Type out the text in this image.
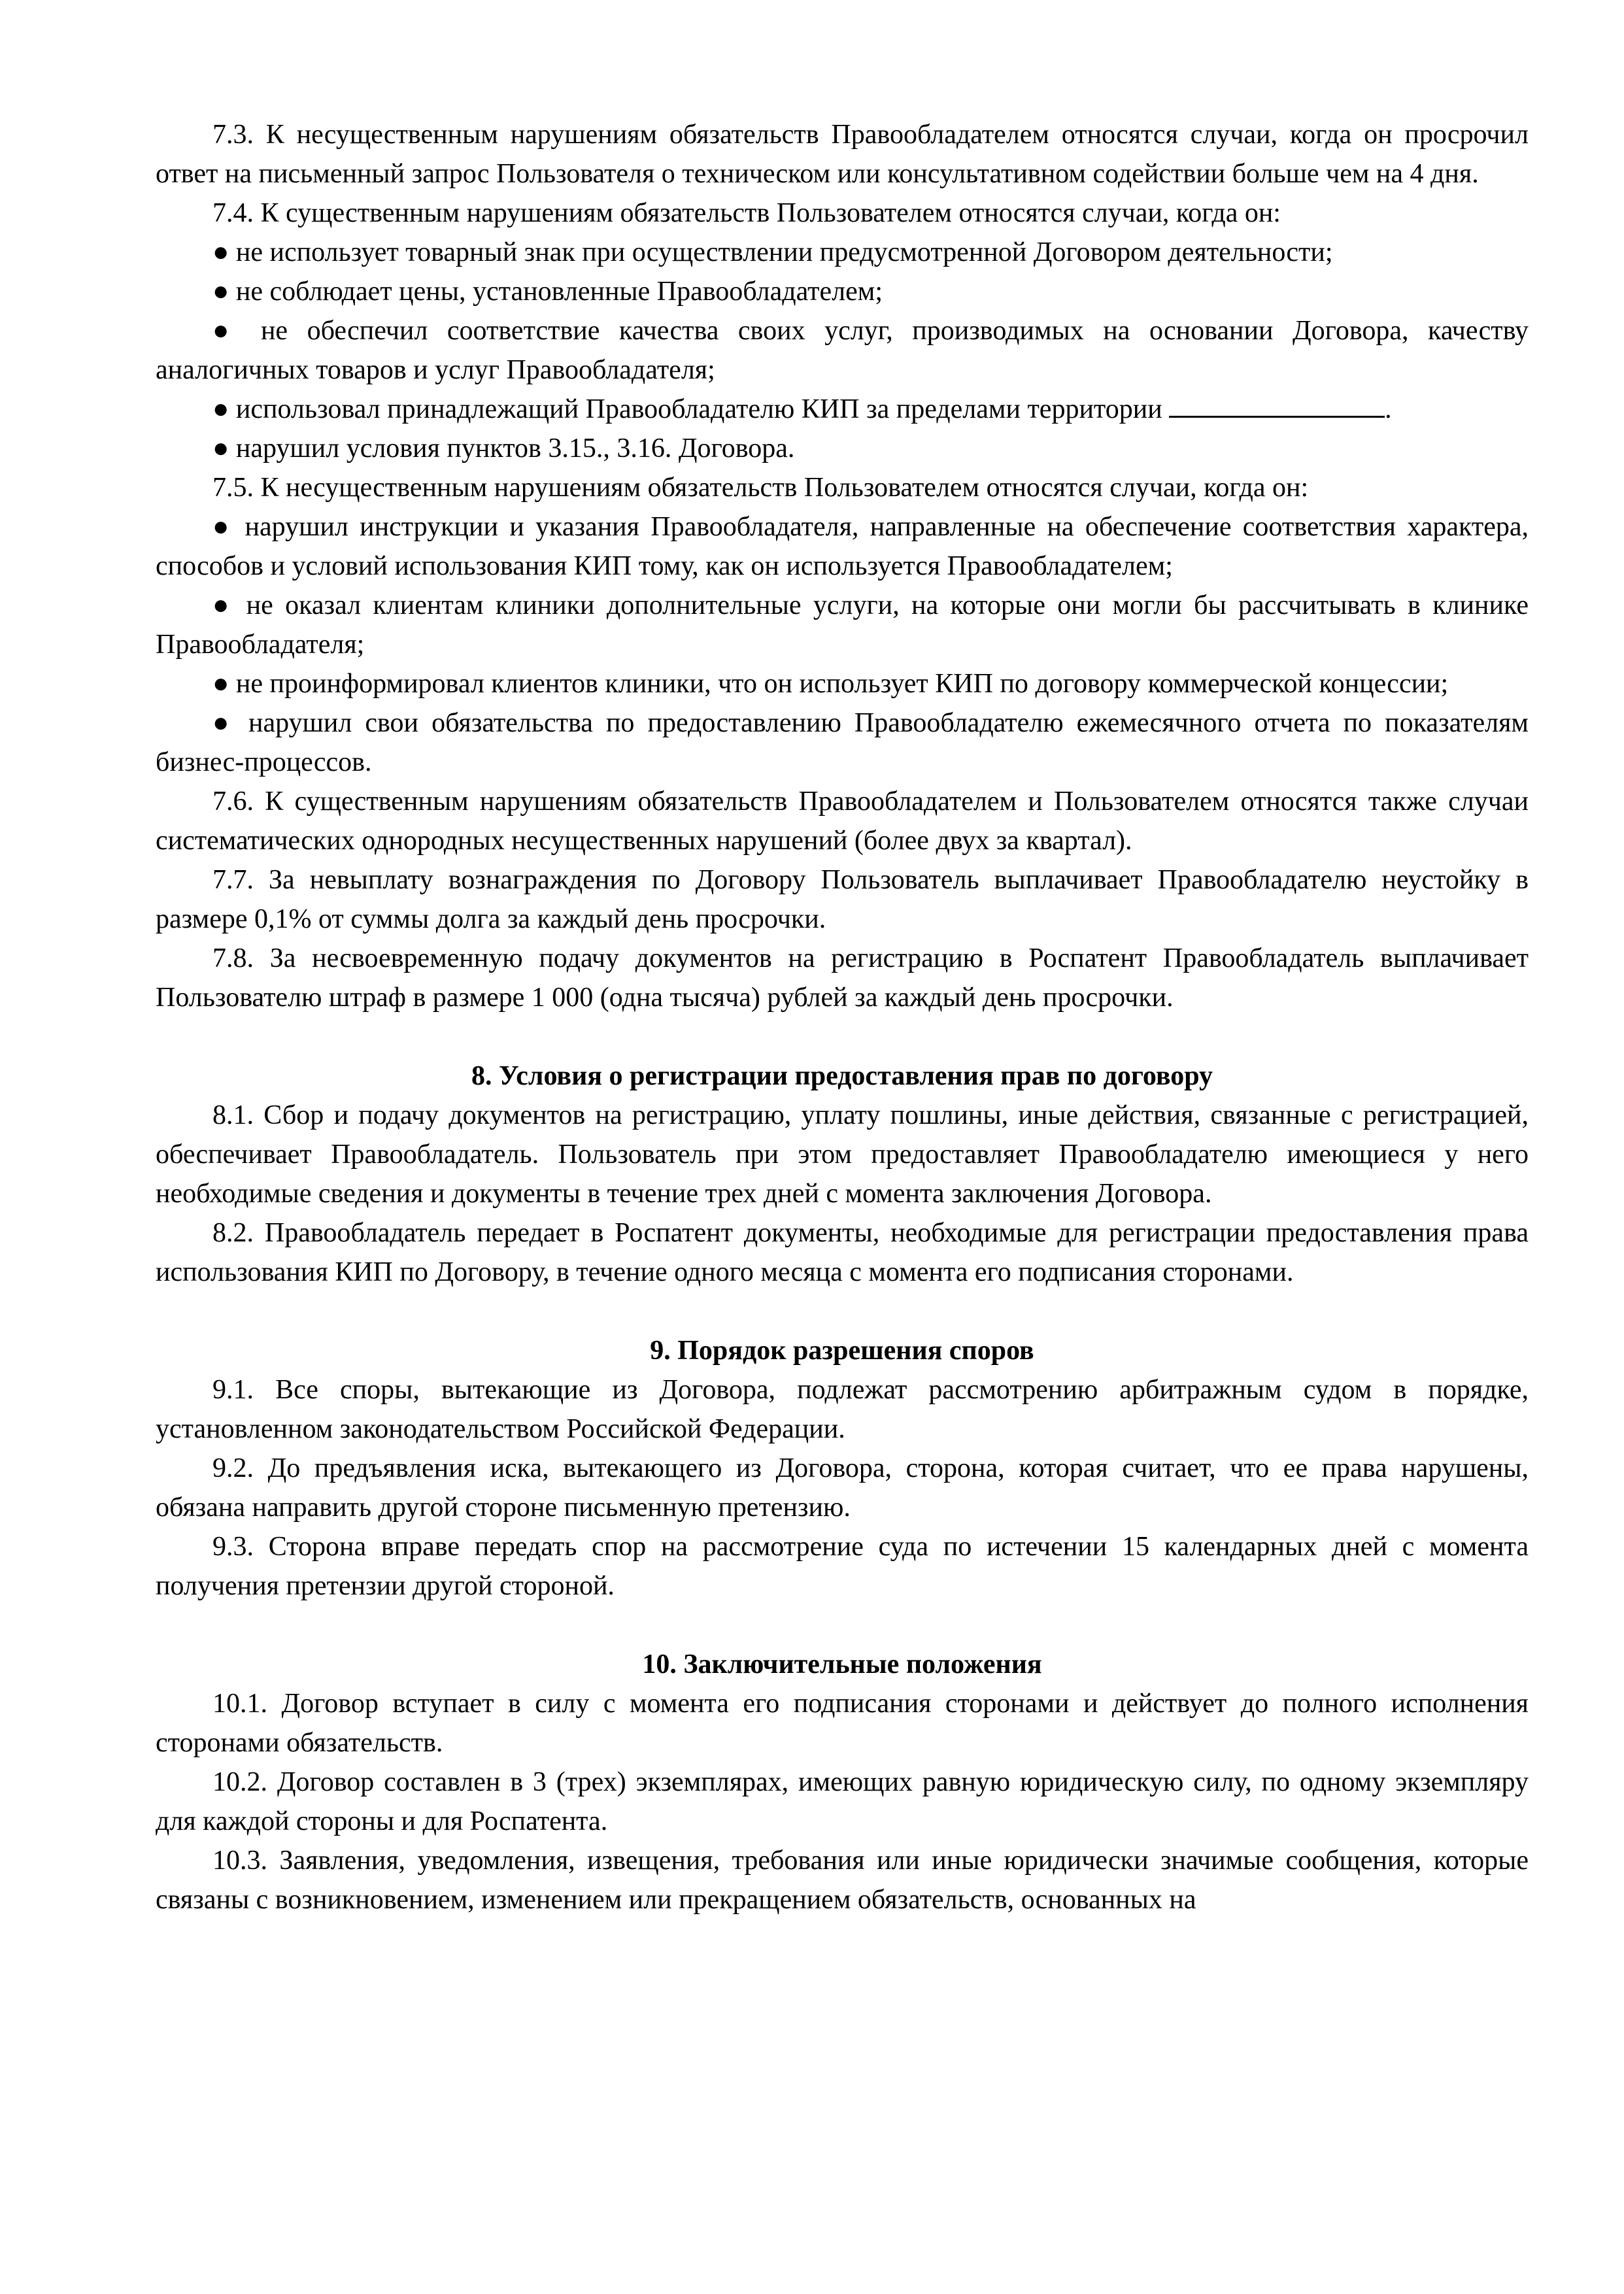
7.3. К несущественным нарушениям обязательств Правообладателем относятся случаи, когда он просрочил ответ на письменный запрос Пользователя о техническом или консультативном содействии больше чем на 4 дня.

7.4. К существенным нарушениям обязательств Пользователем относятся случаи, когда он:

● не использует товарный знак при осуществлении предусмотренной Договором деятельности;

● не соблюдает цены, установленные Правообладателем;

● не обеспечил соответствие качества своих услуг, производимых на основании Договора, качеству аналогичных товаров и услуг Правообладателя;

● использовал принадлежащий Правообладателю КИП за пределами территории	.

● нарушил условия пунктов 3.15., 3.16. Договора.

7.5. К несущественным нарушениям обязательств Пользователем относятся случаи, когда он:

● нарушил инструкции и указания Правообладателя, направленные на обеспечение соответствия характера, способов и условий использования КИП тому, как он используется Правообладателем;

● не оказал клиентам клиники дополнительные услуги, на которые они могли бы рассчитывать в клинике Правообладателя;

● не проинформировал клиентов клиники, что он использует КИП по договору коммерческой концессии;

● нарушил свои обязательства по предоставлению Правообладателю ежемесячного отчета по показателям бизнес-процессов.

7.6. К существенным нарушениям обязательств Правообладателем и Пользователем относятся также случаи систематических однородных несущественных нарушений (более двух за квартал).

7.7. За невыплату вознаграждения по Договору Пользователь выплачивает Правообладателю неустойку в размере 0,1% от суммы долга за каждый день просрочки.

7.8. За несвоевременную подачу документов на регистрацию в Роспатент Правообладатель выплачивает Пользователю штраф в размере 1 000 (одна тысяча) рублей за каждый день просрочки.

8. Условия о регистрации предоставления прав по договору

8.1. Сбор и подачу документов на регистрацию, уплату пошлины, иные действия, связанные с регистрацией, обеспечивает Правообладатель. Пользователь при этом предоставляет Правообладателю имеющиеся у него необходимые сведения и документы в течение трех дней с момента заключения Договора.

8.2. Правообладатель передает в Роспатент документы, необходимые для регистрации предоставления права использования КИП по Договору, в течение одного месяца с момента его подписания сторонами.

9. Порядок разрешения споров

9.1. Все споры, вытекающие из Договора, подлежат рассмотрению арбитражным судом в порядке, установленном законодательством Российской Федерации.

9.2. До предъявления иска, вытекающего из Договора, сторона, которая считает, что ее права нарушены, обязана направить другой стороне письменную претензию.

9.3. Сторона вправе передать спор на рассмотрение суда по истечении 15 календарных дней с момента получения претензии другой стороной.

10. Заключительные положения

10.1. Договор вступает в силу с момента его подписания сторонами и действует до полного исполнения сторонами обязательств.

10.2. Договор составлен в 3 (трех) экземплярах, имеющих равную юридическую силу, по одному экземпляру для каждой стороны и для Роспатента.

10.3. Заявления, уведомления, извещения, требования или иные юридически значимые сообщения, которые связаны с возникновением, изменением или прекращением обязательств, основанных на
